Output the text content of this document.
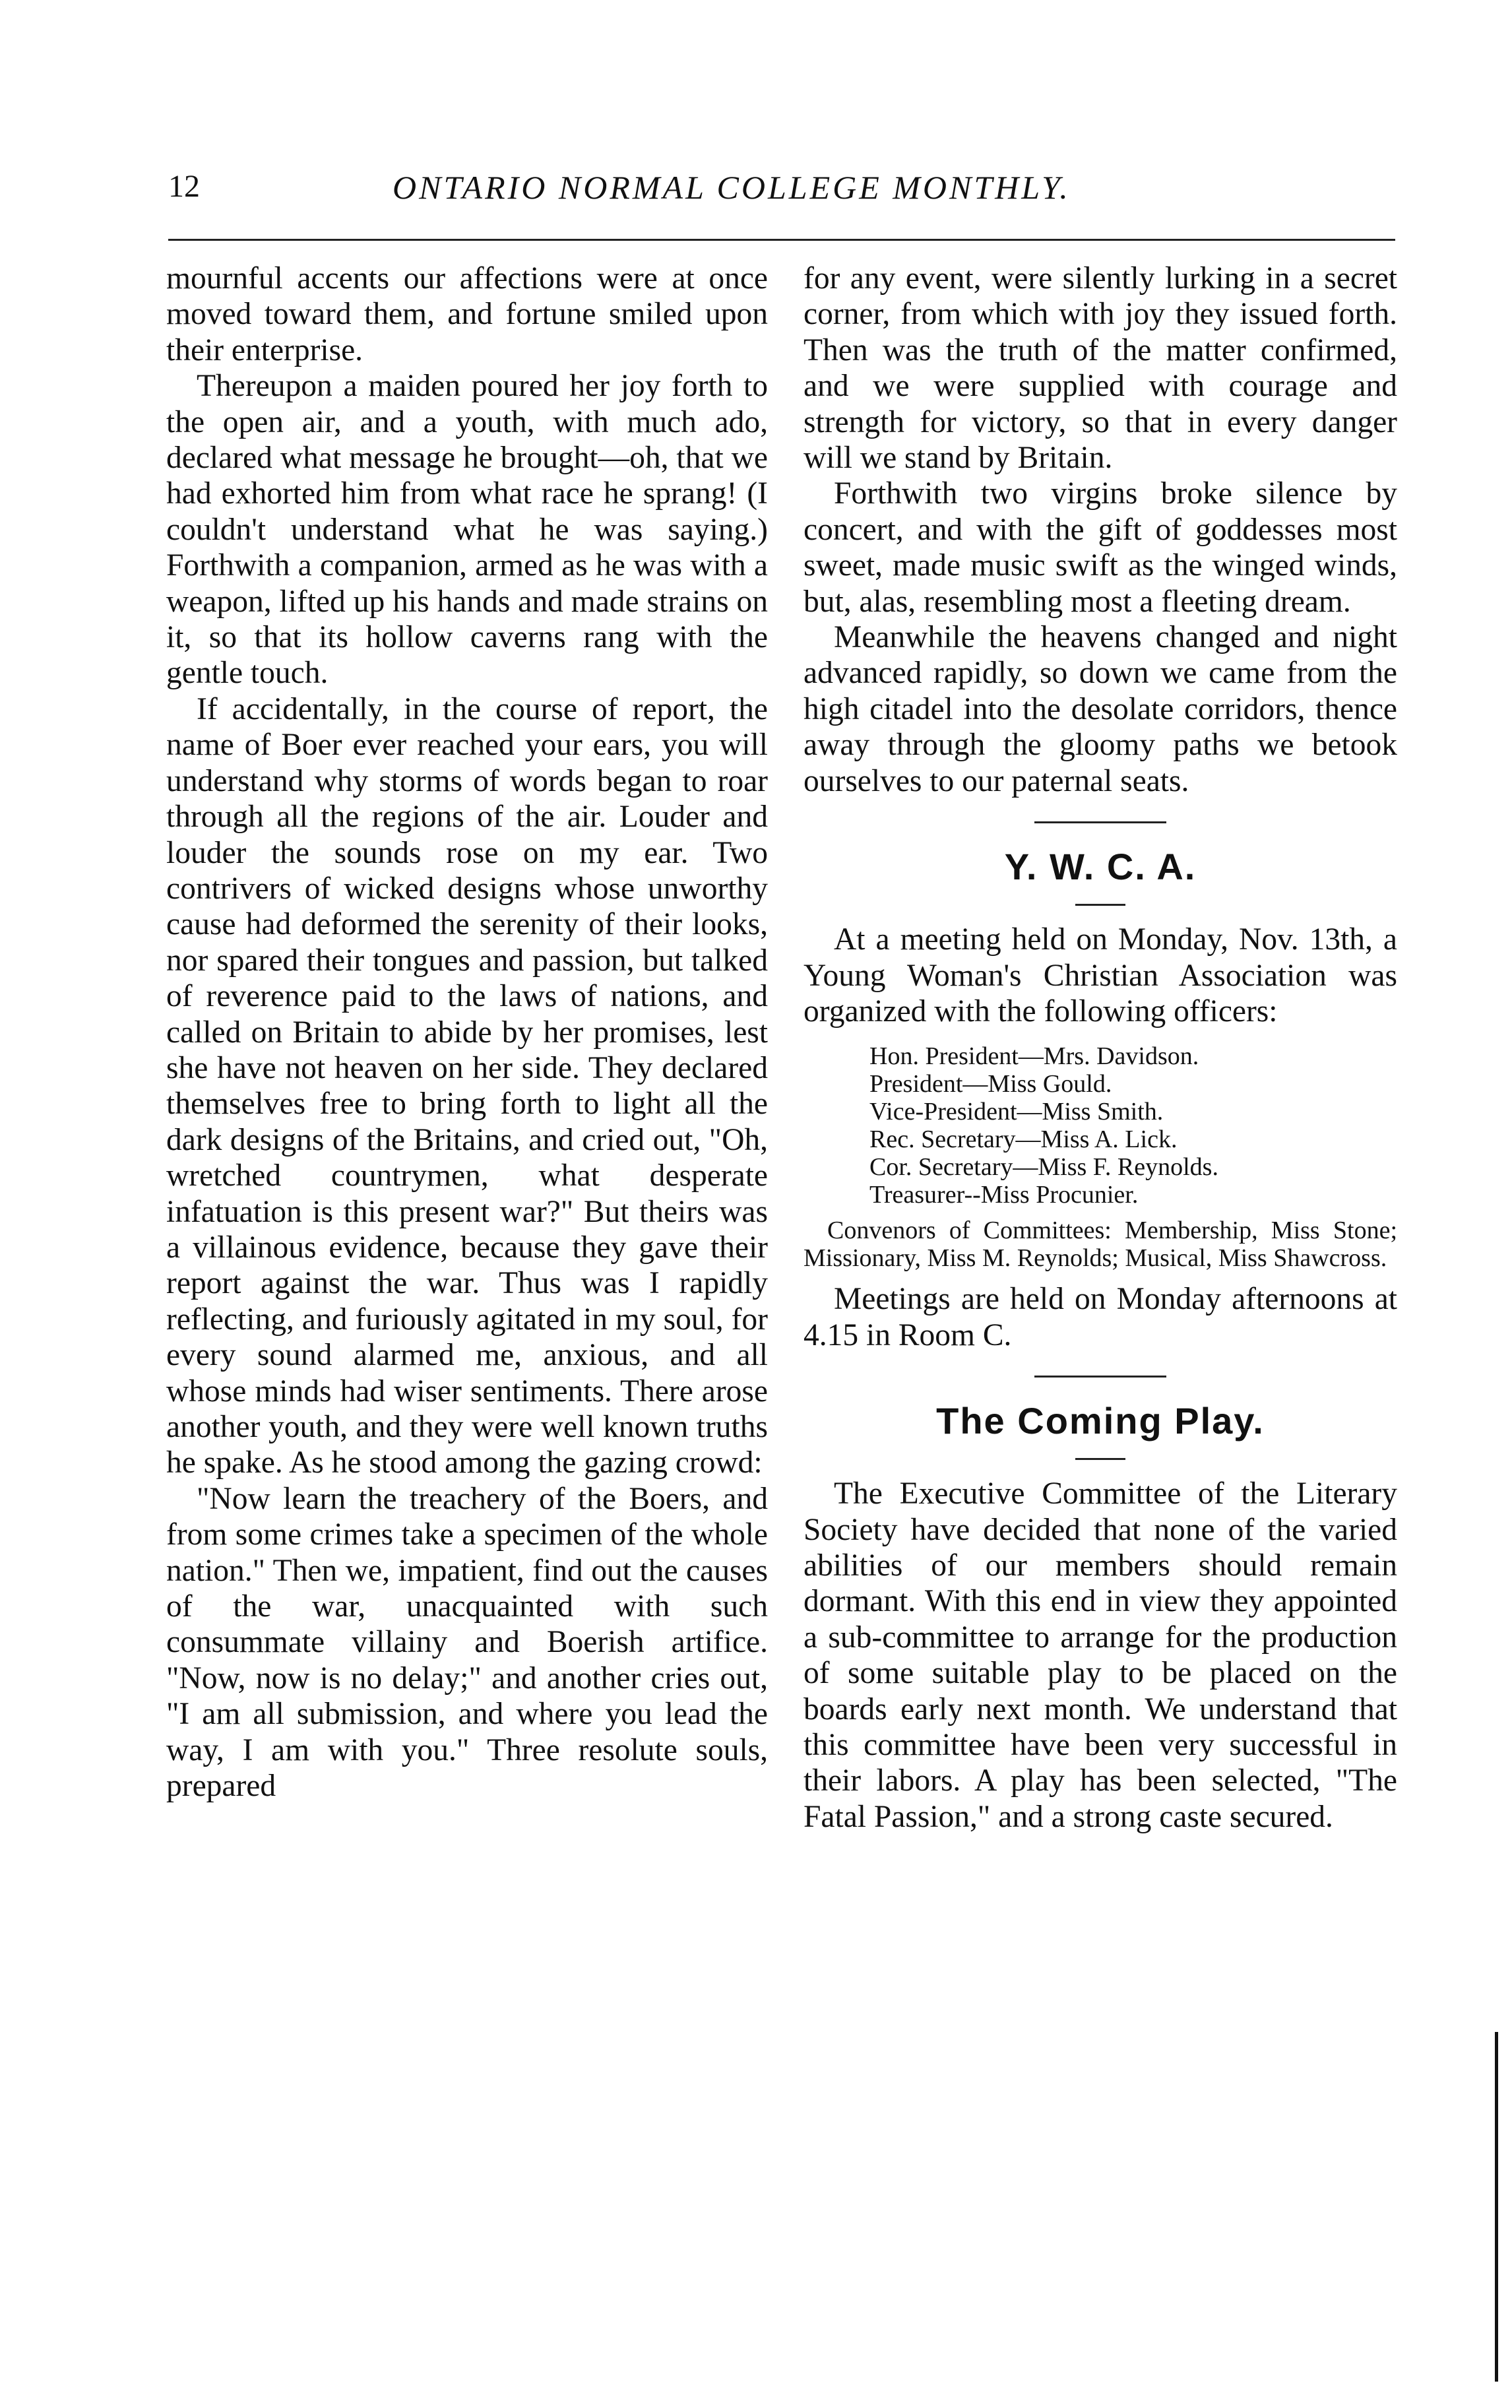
12	ONTARIO NORMAL COLLEGE MONTHLY.

mournful accents our affections were at once moved toward them, and fortune smiled upon their enterprise.

Thereupon a maiden poured her joy forth to the open air, and a youth, with much ado, declared what message he brought—oh, that we had exhorted him from what race he sprang! (I couldn't understand what he was saying.) Forthwith a companion, armed as he was with a weapon, lifted up his hands and made strains on it, so that its hollow caverns rang with the gentle touch.

If accidentally, in the course of report, the name of Boer ever reached your ears, you will understand why storms of words began to roar through all the regions of the air. Louder and louder the sounds rose on my ear. Two contrivers of wicked designs whose unworthy cause had deformed the serenity of their looks, nor spared their tongues and passion, but talked of reverence paid to the laws of nations, and called on Britain to abide by her promises, lest she have not heaven on her side. They declared themselves free to bring forth to light all the dark designs of the Britains, and cried out, "Oh, wretched countrymen, what desperate infatuation is this present war?" But theirs was a villainous evidence, because they gave their report against the war. Thus was I rapidly reflecting, and furiously agitated in my soul, for every sound alarmed me, anxious, and all whose minds had wiser sentiments. There arose another youth, and they were well known truths he spake. As he stood among the gazing crowd:

"Now learn the treachery of the Boers, and from some crimes take a specimen of the whole nation." Then we, impatient, find out the causes of the war, unacquainted with such consummate villainy and Boerish artifice. "Now, now is no delay;" and another cries out, "I am all submission, and where you lead the way, I am with you." Three resolute souls, prepared

for any event, were silently lurking in a secret corner, from which with joy they issued forth. Then was the truth of the matter confirmed, and we were supplied with courage and strength for victory, so that in every danger will we stand by Britain.

Forthwith two virgins broke silence by concert, and with the gift of goddesses most sweet, made music swift as the winged winds, but, alas, resembling most a fleeting dream.

Meanwhile the heavens changed and night advanced rapidly, so down we came from the high citadel into the desolate corridors, thence away through the gloomy paths we betook ourselves to our paternal seats.

Y. W. C. A.

At a meeting held on Monday, Nov. 13th, a Young Woman's Christian Association was organized with the following officers:

Hon. President—Mrs. Davidson.
President—Miss Gould.
Vice-President—Miss Smith.
Rec. Secretary—Miss A. Lick.
Cor. Secretary—Miss F. Reynolds.
Treasurer--Miss Procunier.
Convenors of Committees: Membership, Miss Stone; Missionary, Miss M. Reynolds; Musical, Miss Shawcross.

Meetings are held on Monday afternoons at 4.15 in Room C.

The Coming Play.

The Executive Committee of the Literary Society have decided that none of the varied abilities of our members should remain dormant. With this end in view they appointed a sub-committee to arrange for the production of some suitable play to be placed on the boards early next month. We understand that this committee have been very successful in their labors. A play has been selected, "The Fatal Passion," and a strong caste secured.
